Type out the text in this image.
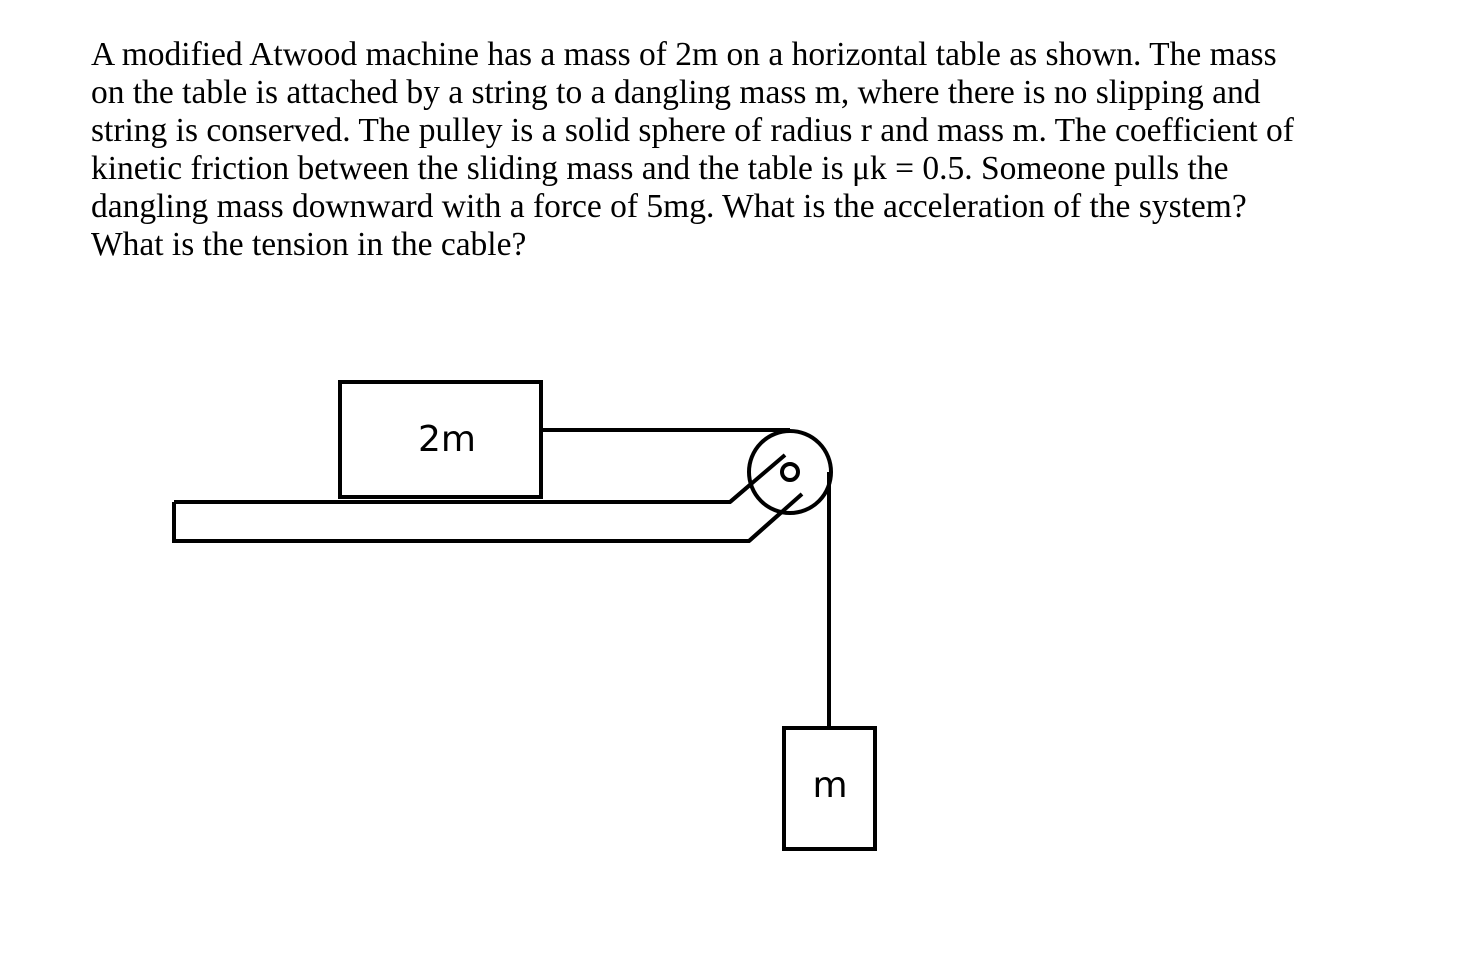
A modified Atwood machine has a mass of 2m on a horizontal table as shown. The mass
on the table is attached by a string to a dangling mass m, where there is no slipping and
string is conserved. The pulley is a solid sphere of radius r and mass m. The coefficient of
kinetic friction between the sliding mass and the table is μk = 0.5. Someone pulls the
dangling mass downward with a force of 5mg. What is the acceleration of the system?
What is the tension in the cable?
2m
m
